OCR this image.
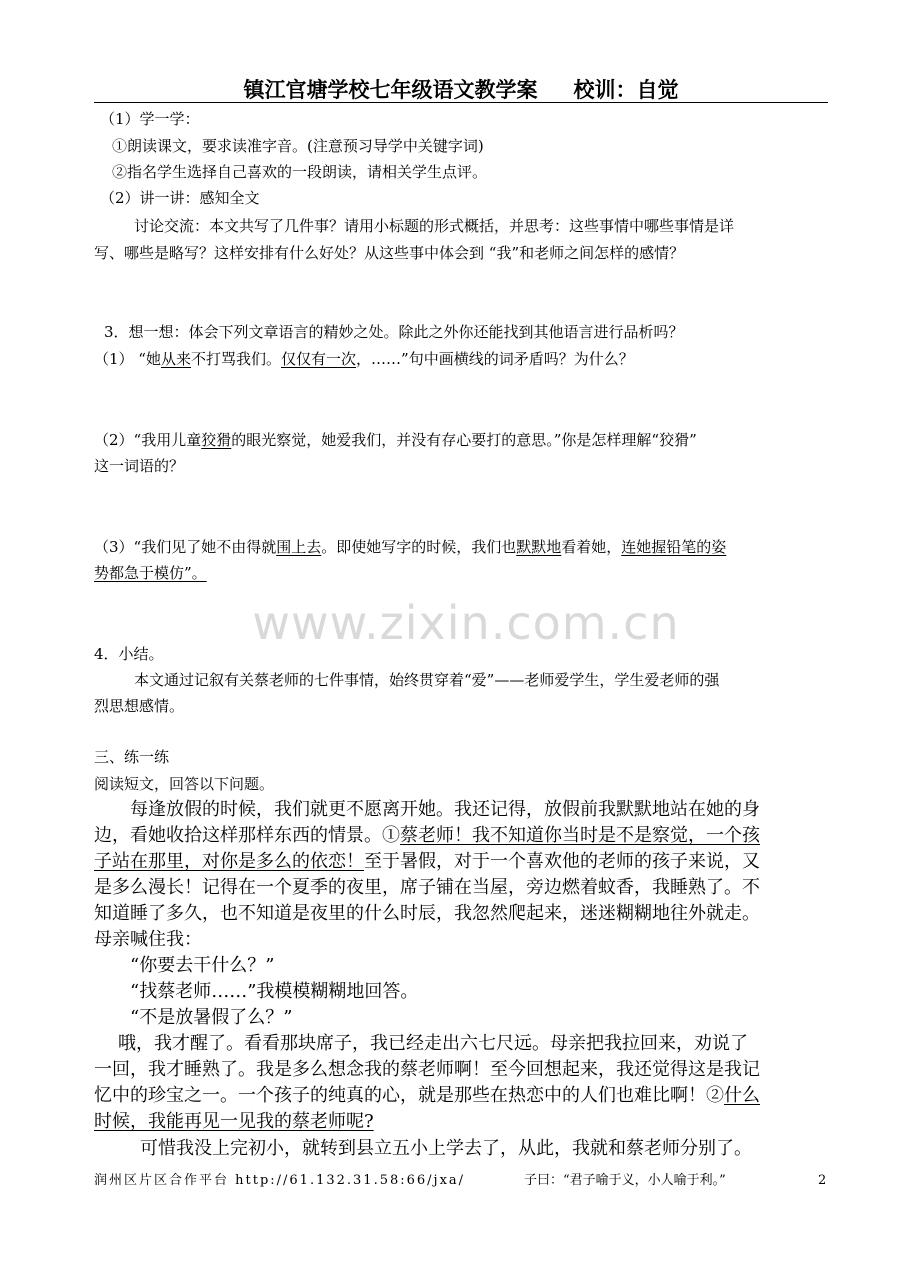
镇江官塘学校七年级语文教学案 校训：自觉
（1）学一学：
①朗读课文，要求读准字音。(注意预习导学中关键字词)
②指名学生选择自己喜欢的一段朗读，请相关学生点评。
（2）讲一讲：感知全文
讨论交流：本文共写了几件事？请用小标题的形式概括，并思考：这些事情中哪些事情是详
写、哪些是略写？这样安排有什么好处？从这些事中体会到 “我”和老师之间怎样的感情？
3．想一想：体会下列文章语言的精妙之处。除此之外你还能找到其他语言进行品析吗？
（1） “她从来不打骂我们。仅仅有一次，……”句中画横线的词矛盾吗？为什么？
（2）“我用儿童狡猾的眼光察觉，她爱我们，并没有存心要打的意思。”你是怎样理解“狡猾”
这一词语的？
（3）“我们见了她不由得就围上去。即使她写字的时候，我们也默默地看着她，连她握铅笔的姿
势都急于模仿”。
www.zixin.com.cn
4．小结。
本文通过记叙有关蔡老师的七件事情，始终贯穿着“爱”——老师爱学生，学生爱老师的强
烈思想感情。
三、练一练
阅读短文，回答以下问题。
每逢放假的时候，我们就更不愿离开她。我还记得，放假前我默默地站在她的身
边，看她收拾这样那样东西的情景。①蔡老师！我不知道你当时是不是察觉，一个孩
子站在那里，对你是多么的依恋！至于暑假，对于一个喜欢他的老师的孩子来说，又
是多么漫长！记得在一个夏季的夜里，席子铺在当屋，旁边燃着蚊香，我睡熟了。不
知道睡了多久，也不知道是夜里的什么时辰，我忽然爬起来，迷迷糊糊地往外就走。
母亲喊住我：
“你要去干什么？”
“找蔡老师……”我模模糊糊地回答。
“不是放暑假了么？”
哦，我才醒了。看看那块席子，我已经走出六七尺远。母亲把我拉回来，劝说了
一回，我才睡熟了。我是多么想念我的蔡老师啊！至今回想起来，我还觉得这是我记
忆中的珍宝之一。一个孩子的纯真的心，就是那些在热恋中的人们也难比啊！②什么
时候，我能再见一见我的蔡老师呢?
可惜我没上完初小，就转到县立五小上学去了，从此，我就和蔡老师分别了。
润州区片区合作平台 http://61.132.31.58:66/jxa/	子曰：“君子喻于义，小人喻于利。”	2
